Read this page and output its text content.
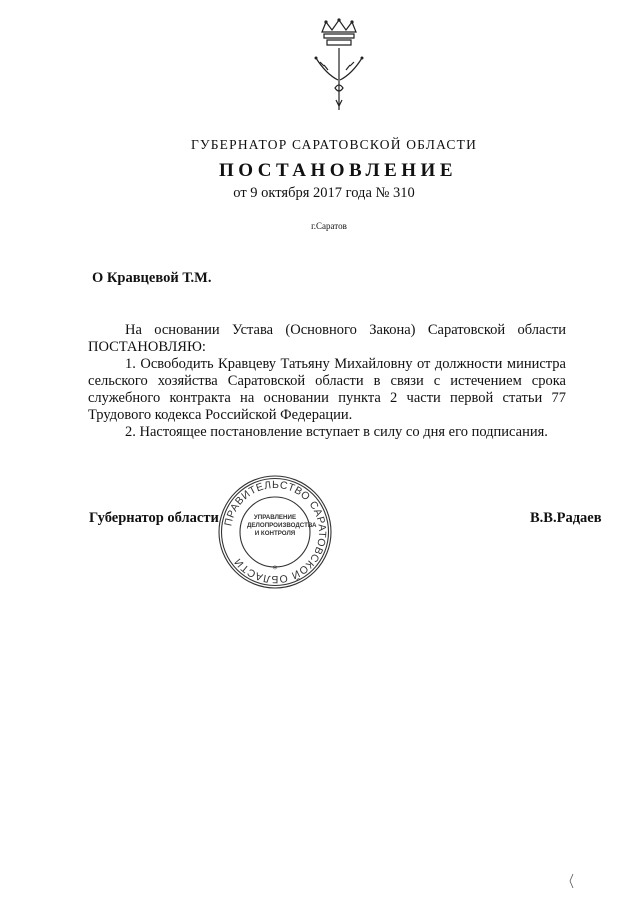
ГУБЕРНАТОР САРАТОВСКОЙ ОБЛАСТИ
ПОСТАНОВЛЕНИЕ
от 9 октября 2017 года № 310
г.Саратов
О Кравцевой Т.М.

На основании Устава (Основного Закона) Саратовской области ПОСТАНОВЛЯЮ:

1. Освободить Кравцеву Татьяну Михайловну от должности министра сельского хозяйства Саратовской области в связи с истечением срока служебного контракта на основании пункта 2 части первой статьи 77 Трудового кодекса Российской Федерации.

2. Настоящее постановление вступает в силу со дня его подписания.

Губернатор области	В.В.Радаев
ПРАВИТЕЛЬСТВО САРАТОВСКОЙ ОБЛАСТИ
*
УПРАВЛЕНИЕ ДЕЛОПРОИЗВОДСТВА И КОНТРОЛЯ
